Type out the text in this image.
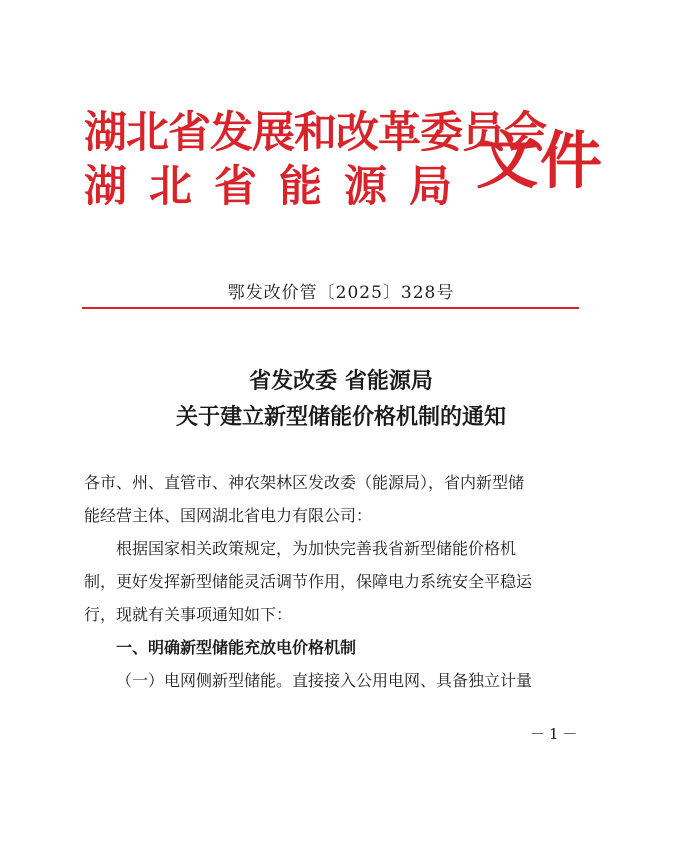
湖北省发展和改革委员会
湖北省能源局 文件
鄂发改价管〔2025〕328号
省发改委 省能源局
关于建立新型储能价格机制的通知
各市、州、直管市、神农架林区发改委（能源局），省内新型储
能经营主体、国网湖北省电力有限公司：
根据国家相关政策规定，为加快完善我省新型储能价格机
制，更好发挥新型储能灵活调节作用，保障电力系统安全平稳运
行，现就有关事项通知如下：
一、明确新型储能充放电价格机制
（一）电网侧新型储能。直接接入公用电网、具备独立计量
－1－
